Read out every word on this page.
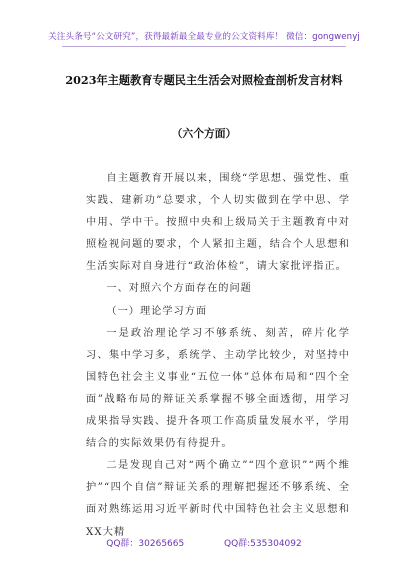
关注头条号“公文研究”，获得最新最全最专业的公文资料库！ 微信：gongwenyj
2023年主题教育专题民主生活会对照检查剖析发言材料
（六个方面）

自主题教育开展以来，围绕“学思想、强党性、重实践、建新功”总要求，个人切实做到在学中思、学中用、学中干。按照中央和上级局关于主题教育中对照检视问题的要求，个人紧扣主题，结合个人思想和生活实际对自身进行“政治体检”，请大家批评指正。

一、对照六个方面存在的问题

（一）理论学习方面

一是政治理论学习不够系统、刻苦，碎片化学习、集中学习多，系统学、主动学比较少，对坚持中国特色社会主义事业“五位一体”总体布局和“四个全面”战略布局的辩证关系掌握不够全面透彻，用学习成果指导实践、提升各项工作高质量发展水平，学用结合的实际效果仍有待提升。

二是发现自己对“两个确立”“四个意识”“两个维护”“四个自信”辩证关系的理解把握还不够系统、全面对熟练运用习近平新时代中国特色社会主义思想和XX大精

QQ群：30265665	QQ群:535304092
